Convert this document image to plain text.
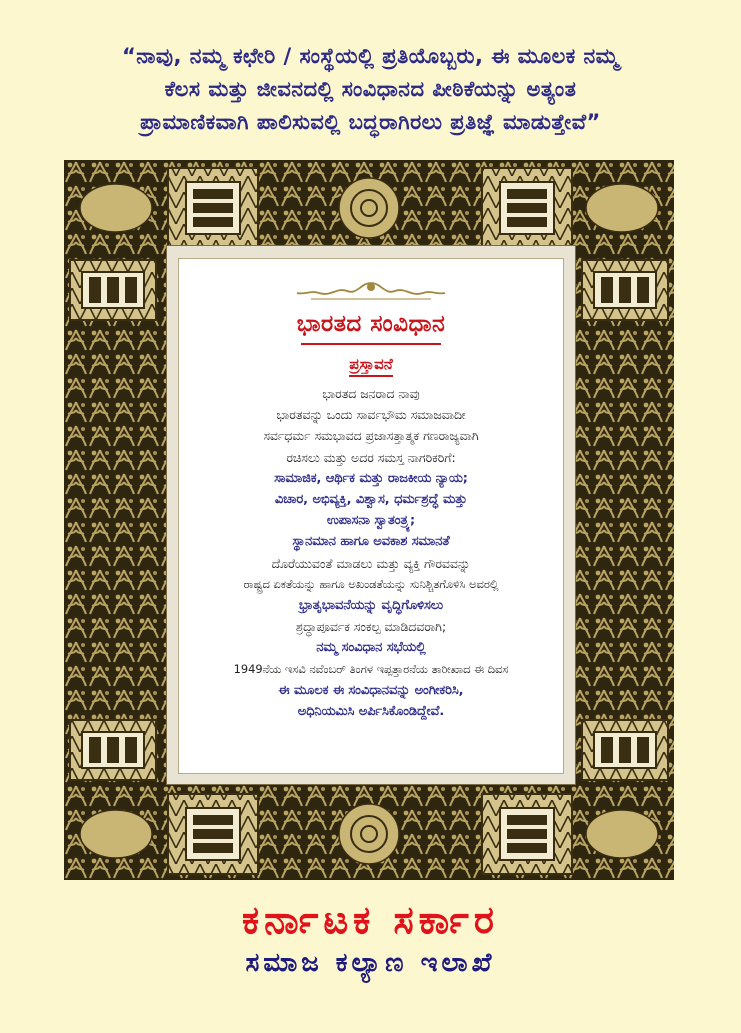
“ನಾವು, ನಮ್ಮ ಕಛೇರಿ / ಸಂಸ್ಥೆಯಲ್ಲಿ ಪ್ರತಿಯೊಬ್ಬರು, ಈ ಮೂಲಕ ನಮ್ಮ
ಕೆಲಸ ಮತ್ತು ಜೀವನದಲ್ಲಿ ಸಂವಿಧಾನದ ಪೀಠಿಕೆಯನ್ನು ಅತ್ಯಂತ
ಪ್ರಾಮಾಣಿಕವಾಗಿ ಪಾಲಿಸುವಲ್ಲಿ ಬದ್ಧರಾಗಿರಲು ಪ್ರತಿಜ್ಞೆ ಮಾಡುತ್ತೇವೆ”
ಭಾರತದ ಸಂವಿಧಾನ
ಪ್ರಸ್ತಾವನೆ
ಭಾರತದ ಜನರಾದ ನಾವು
ಭಾರತವನ್ನು ಒಂದು ಸಾರ್ವಭೌಮ ಸಮಾಜವಾದೀ
ಸರ್ವಧರ್ಮ ಸಮಭಾವದ ಪ್ರಜಾಸತ್ತಾತ್ಮಕ ಗಣರಾಜ್ಯವಾಗಿ
ರಚಿಸಲು ಮತ್ತು ಅದರ ಸಮಸ್ತ ನಾಗರಿಕರಿಗೆ:
ಸಾಮಾಜಿಕ, ಆರ್ಥಿಕ ಮತ್ತು ರಾಜಕೀಯ ನ್ಯಾಯ;
ವಿಚಾರ, ಅಭಿವ್ಯಕ್ತಿ, ವಿಶ್ವಾಸ, ಧರ್ಮಶ್ರದ್ಧೆ ಮತ್ತು
ಉಪಾಸನಾ ಸ್ವಾತಂತ್ರ್ಯ;
ಸ್ಥಾನಮಾನ ಹಾಗೂ ಅವಕಾಶ ಸಮಾನತೆ
ದೊರೆಯುವಂತೆ ಮಾಡಲು ಮತ್ತು ವ್ಯಕ್ತಿ ಗೌರವವನ್ನು
ರಾಷ್ಟ್ರದ ಏಕತೆಯನ್ನು ಹಾಗೂ ಅಖಂಡತೆಯನ್ನು ಸುನಿಶ್ಚಿತಗೊಳಿಸಿ ಅವರಲ್ಲಿ
ಭ್ರಾತೃಭಾವನೆಯನ್ನು ವೃದ್ಧಿಗೊಳಿಸಲು
ಶ್ರದ್ಧಾಪೂರ್ವಕ ಸಂಕಲ್ಪ ಮಾಡಿದವರಾಗಿ;
ನಮ್ಮ ಸಂವಿಧಾನ ಸಭೆಯಲ್ಲಿ
1949ನೆಯ ಇಸವಿ ನವೆಂಬರ್ ತಿಂಗಳ ಇಪ್ಪತ್ತಾರನೆಯ ತಾರೀಖಾದ ಈ ದಿವಸ
ಈ ಮೂಲಕ ಈ ಸಂವಿಧಾನವನ್ನು ಅಂಗೀಕರಿಸಿ,
ಅಧಿನಿಯಮಿಸಿ ಅರ್ಪಿಸಿಕೊಂಡಿದ್ದೇವೆ.
ಕರ್ನಾಟಕ ಸರ್ಕಾರ
ಸಮಾಜ ಕಲ್ಯಾಣ ಇಲಾಖೆ
